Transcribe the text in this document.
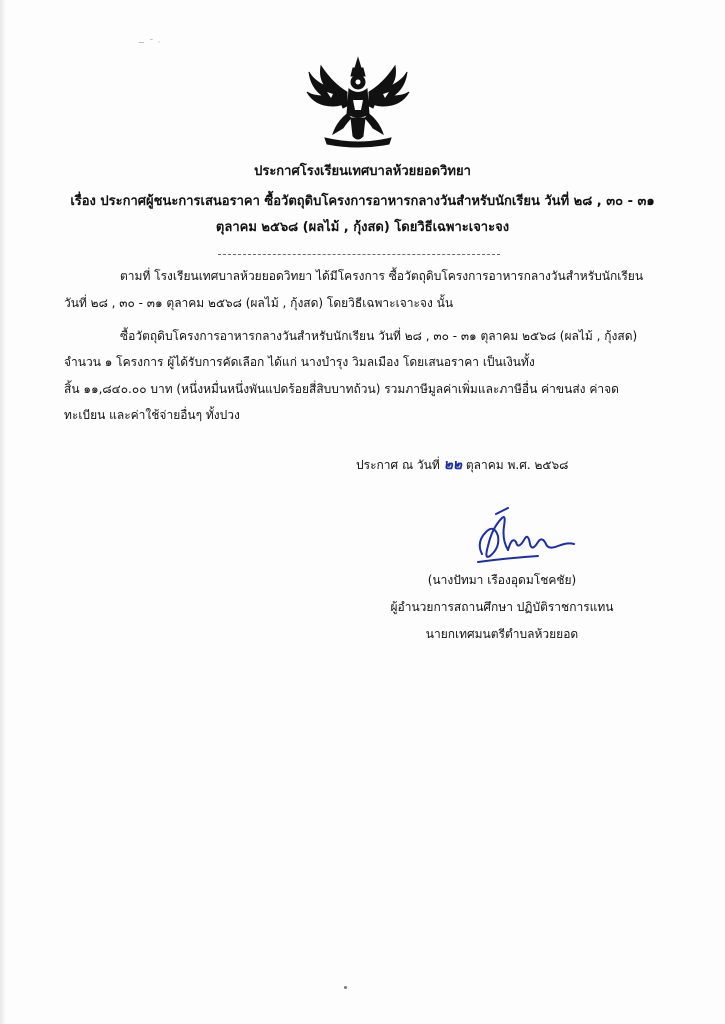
~ ˜ ·
ประกาศโรงเรียนเทศบาลห้วยยอดวิทยา
เรื่อง ประกาศผู้ชนะการเสนอราคา ซื้อวัตถุดิบโครงการอาหารกลางวันสำหรับนักเรียน วันที่ ๒๘ , ๓๐ - ๓๑
ตุลาคม ๒๕๖๘ (ผลไม้ , กุ้งสด) โดยวิธีเฉพาะเจาะจง
ตามที่ โรงเรียนเทศบาลห้วยยอดวิทยา ได้มีโครงการ ซื้อวัตถุดิบโครงการอาหารกลางวันสำหรับนักเรียน
วันที่ ๒๘ , ๓๐ - ๓๑ ตุลาคม ๒๕๖๘ (ผลไม้ , กุ้งสด) โดยวิธีเฉพาะเจาะจง นั้น
ซื้อวัตถุดิบโครงการอาหารกลางวันสำหรับนักเรียน วันที่ ๒๘ , ๓๐ - ๓๑ ตุลาคม ๒๕๖๘ (ผลไม้ , กุ้งสด)
จำนวน ๑ โครงการ ผู้ได้รับการคัดเลือก ได้แก่ นางบำรุง วิมลเมือง โดยเสนอราคา เป็นเงินทั้ง
สิ้น ๑๑,๘๔๐.๐๐ บาท (หนึ่งหมื่นหนึ่งพันแปดร้อยสี่สิบบาทถ้วน) รวมภาษีมูลค่าเพิ่มและภาษีอื่น ค่าขนส่ง ค่าจด
ทะเบียน และค่าใช้จ่ายอื่นๆ ทั้งปวง
ประกาศ ณ วันที่ ๒๒ ตุลาคม พ.ศ. ๒๕๖๘
(นางปัทมา เรืองอุดมโชคชัย)
ผู้อำนวยการสถานศึกษา ปฏิบัติราชการแทน
นายกเทศมนตรีตำบลห้วยยอด
